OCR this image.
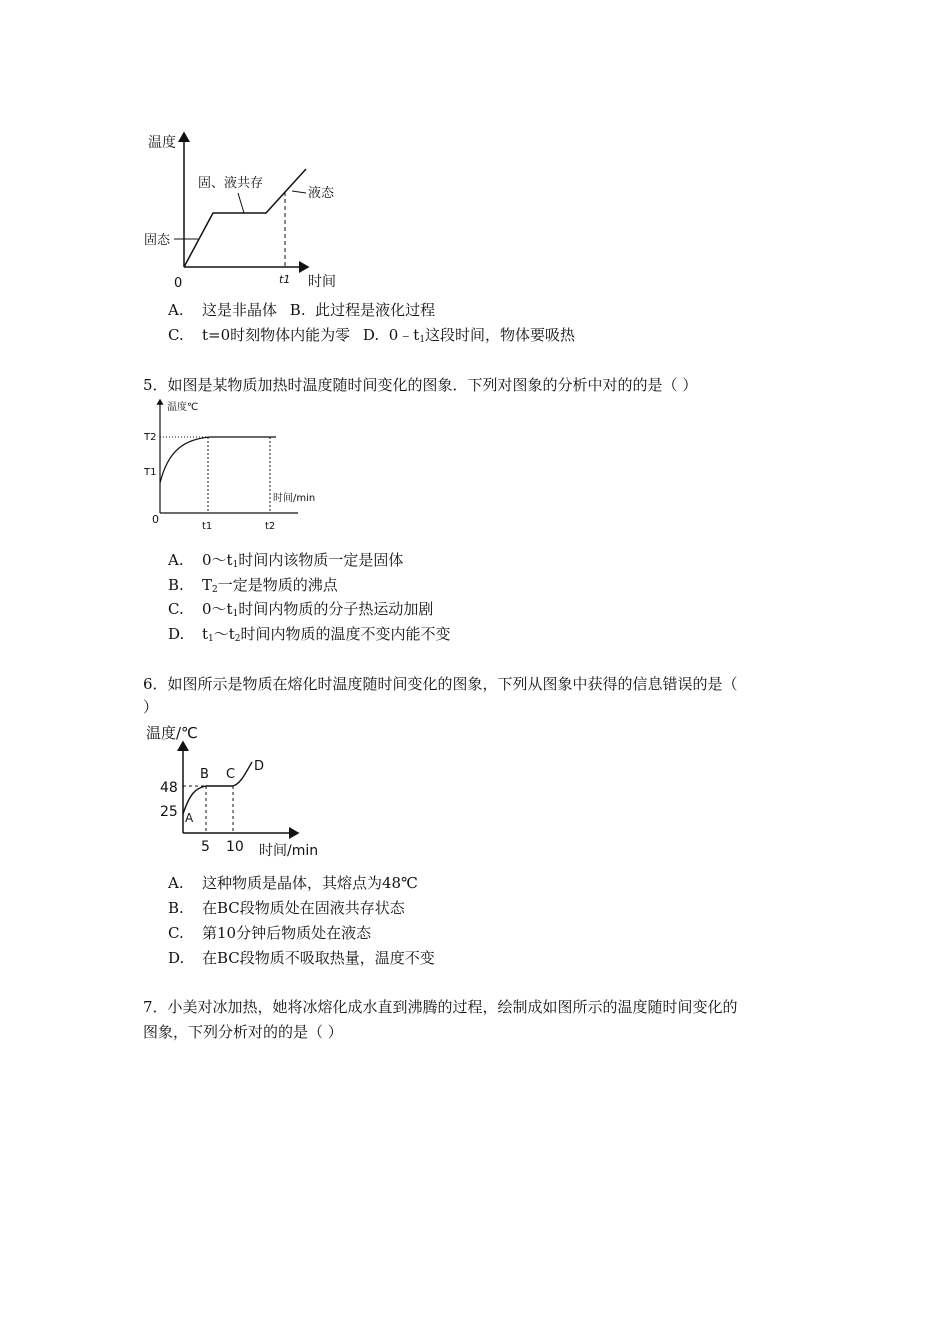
温度
固、液共存
液态
固态
0	t1 时间
A. 这是非晶体 B. 此过程是液化过程
C. t=0时刻物体内能为零 D. $0﹣t_1$这段时间，物体要吸热
5．如图是某物质加热时温度随时间变化的图象．下列对图象的分析中对的的是（ ）
温度℃
T2
T1
时间/min
0
t1	t2
A. $0\sim t_1$时间内该物质一定是固体
B. $T_2$一定是物质的沸点
C. $0\sim t_1$时间内物质的分子热运动加剧
D. $t_1\sim t_2$时间内物质的温度不变内能不变
6．如图所示是物质在熔化时温度随时间变化的图象，下列从图象中获得的信息错误的是（
）
温度/℃
B C
D
48
25 A
5 10 时间/min
A. 这种物质是晶体，其熔点为48℃
B. 在BC段物质处在固液共存状态
C. 第10分钟后物质处在液态
D. 在BC段物质不吸取热量，温度不变
7．小美对冰加热，她将冰熔化成水直到沸腾的过程，绘制成如图所示的温度随时间变化的
图象，下列分析对的的是（ ）
